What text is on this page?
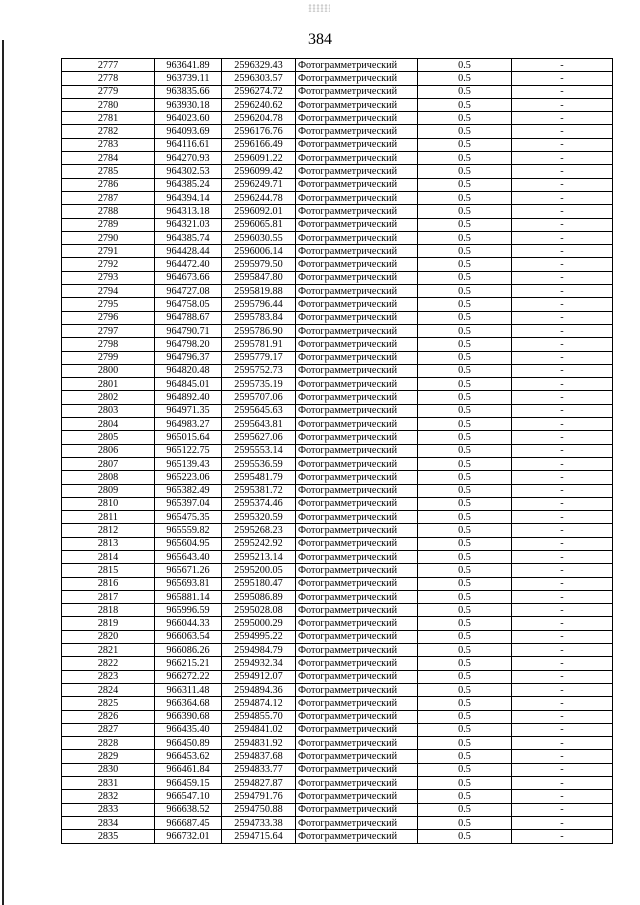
384
2777	963641.89	2596329.43	Фотограмметрический	0.5	-
2778	963739.11	2596303.57	Фотограмметрический	0.5	-
2779	963835.66	2596274.72	Фотограмметрический	0.5	-
2780	963930.18	2596240.62	Фотограмметрический	0.5	-
2781	964023.60	2596204.78	Фотограмметрический	0.5	-
2782	964093.69	2596176.76	Фотограмметрический	0.5	-
2783	964116.61	2596166.49	Фотограмметрический	0.5	-
2784	964270.93	2596091.22	Фотограмметрический	0.5	-
2785	964302.53	2596099.42	Фотограмметрический	0.5	-
2786	964385.24	2596249.71	Фотограмметрический	0.5	-
2787	964394.14	2596244.78	Фотограмметрический	0.5	-
2788	964313.18	2596092.01	Фотограмметрический	0.5	-
2789	964321.03	2596065.81	Фотограмметрический	0.5	-
2790	964385.74	2596030.55	Фотограмметрический	0.5	-
2791	964428.44	2596006.14	Фотограмметрический	0.5	-
2792	964472.40	2595979.50	Фотограмметрический	0.5	-
2793	964673.66	2595847.80	Фотограмметрический	0.5	-
2794	964727.08	2595819.88	Фотограмметрический	0.5	-
2795	964758.05	2595796.44	Фотограмметрический	0.5	-
2796	964788.67	2595783.84	Фотограмметрический	0.5	-
2797	964790.71	2595786.90	Фотограмметрический	0.5	-
2798	964798.20	2595781.91	Фотограмметрический	0.5	-
2799	964796.37	2595779.17	Фотограмметрический	0.5	-
2800	964820.48	2595752.73	Фотограмметрический	0.5	-
2801	964845.01	2595735.19	Фотограмметрический	0.5	-
2802	964892.40	2595707.06	Фотограмметрический	0.5	-
2803	964971.35	2595645.63	Фотограмметрический	0.5	-
2804	964983.27	2595643.81	Фотограмметрический	0.5	-
2805	965015.64	2595627.06	Фотограмметрический	0.5	-
2806	965122.75	2595553.14	Фотограмметрический	0.5	-
2807	965139.43	2595536.59	Фотограмметрический	0.5	-
2808	965223.06	2595481.79	Фотограмметрический	0.5	-
2809	965382.49	2595381.72	Фотограмметрический	0.5	-
2810	965397.04	2595374.46	Фотограмметрический	0.5	-
2811	965475.35	2595320.59	Фотограмметрический	0.5	-
2812	965559.82	2595268.23	Фотограмметрический	0.5	-
2813	965604.95	2595242.92	Фотограмметрический	0.5	-
2814	965643.40	2595213.14	Фотограмметрический	0.5	-
2815	965671.26	2595200.05	Фотограмметрический	0.5	-
2816	965693.81	2595180.47	Фотограмметрический	0.5	-
2817	965881.14	2595086.89	Фотограмметрический	0.5	-
2818	965996.59	2595028.08	Фотограмметрический	0.5	-
2819	966044.33	2595000.29	Фотограмметрический	0.5	-
2820	966063.54	2594995.22	Фотограмметрический	0.5	-
2821	966086.26	2594984.79	Фотограмметрический	0.5	-
2822	966215.21	2594932.34	Фотограмметрический	0.5	-
2823	966272.22	2594912.07	Фотограмметрический	0.5	-
2824	966311.48	2594894.36	Фотограмметрический	0.5	-
2825	966364.68	2594874.12	Фотограмметрический	0.5	-
2826	966390.68	2594855.70	Фотограмметрический	0.5	-
2827	966435.40	2594841.02	Фотограмметрический	0.5	-
2828	966450.89	2594831.92	Фотограмметрический	0.5	-
2829	966453.62	2594837.68	Фотограмметрический	0.5	-
2830	966461.84	2594833.77	Фотограмметрический	0.5	-
2831	966459.15	2594827.87	Фотограмметрический	0.5	-
2832	966547.10	2594791.76	Фотограмметрический	0.5	-
2833	966638.52	2594750.88	Фотограмметрический	0.5	-
2834	966687.45	2594733.38	Фотограмметрический	0.5	-
2835	966732.01	2594715.64	Фотограмметрический	0.5	-
